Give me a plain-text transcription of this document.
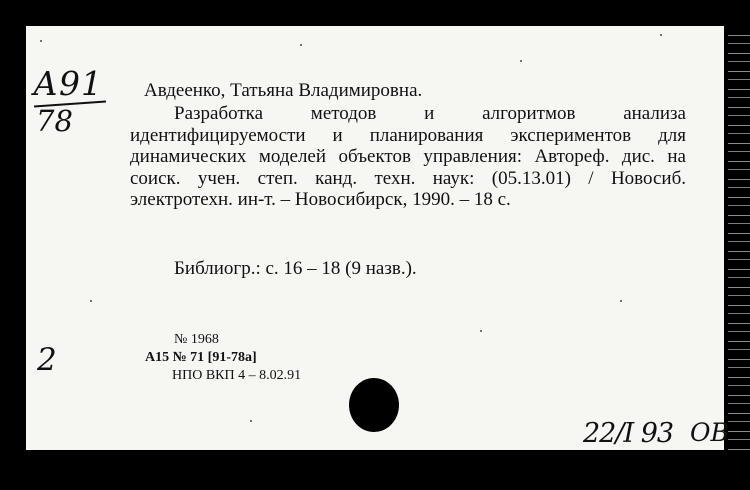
А91
78
Авдеенко, Татьяна Владимировна.

Разработка методов и алгоритмов анализа идентифицируемости и планирования экспериментов для динамических моделей объектов управления: Автореф. дис. на соиск. учен. степ. канд. техн. наук: (05.13.01) / Новосиб. электротехн. ин-т. – Новосибирск, 1990. – 18 с.

Библиогр.: с. 16 – 18 (9 назв.).
2
№ 1968
А15 № 71 [91-78а]
НПО ВКП 4 – 8.02.91
22/I 93 ОВ
